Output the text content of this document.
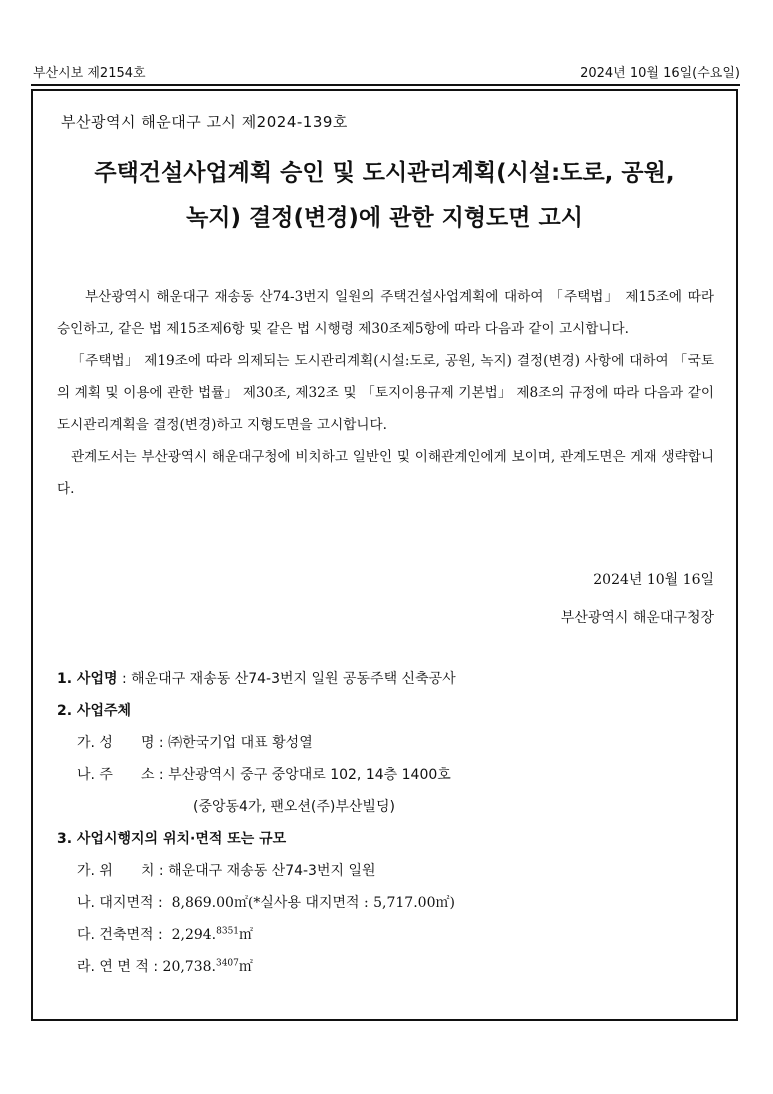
부산시보 제2154호	2024년 10월 16일(수요일)
부산광역시 해운대구 고시 제2024-139호
주택건설사업계획 승인 및 도시관리계획(시설:도로, 공원,
녹지) 결정(변경)에 관한 지형도면 고시

부산광역시 해운대구 재송동 산74-3번지 일원의 주택건설사업계획에 대하여 「주택법」 제15조에 따라 승인하고, 같은 법 제15조제6항 및 같은 법 시행령 제30조제5항에 따라 다음과 같이 고시합니다.

「주택법」 제19조에 따라 의제되는 도시관리계획(시설:도로, 공원, 녹지) 결정(변경) 사항에 대하여 「국토의 계획 및 이용에 관한 법률」 제30조, 제32조 및 「토지이용규제 기본법」 제8조의 규정에 따라 다음과 같이 도시관리계획을 결정(변경)하고 지형도면을 고시합니다.

관계도서는 부산광역시 해운대구청에 비치하고 일반인 및 이해관계인에게 보이며, 관계도면은 게재 생략합니다.

2024년 10월 16일
부산광역시 해운대구청장
1. 사업명 : 해운대구 재송동 산74-3번지 일원 공동주택 신축공사
2. 사업주체
가. 성　　명 : ㈜한국기업 대표 황성열
나. 주　　소 : 부산광역시 중구 중앙대로 102, 14층 1400호
(중앙동4가, 팬오션(주)부산빌딩)
3. 사업시행지의 위치·면적 또는 규모
가. 위　　치 : 해운대구 재송동 산74-3번지 일원
나. 대지면적 : 8,869.00㎡(*실사용 대지면적 : 5,717.00㎡)
다. 건축면적 : 2,294.$^{8351}$㎡
라. 연 면 적 : 20,738.$^{3407}$㎡
